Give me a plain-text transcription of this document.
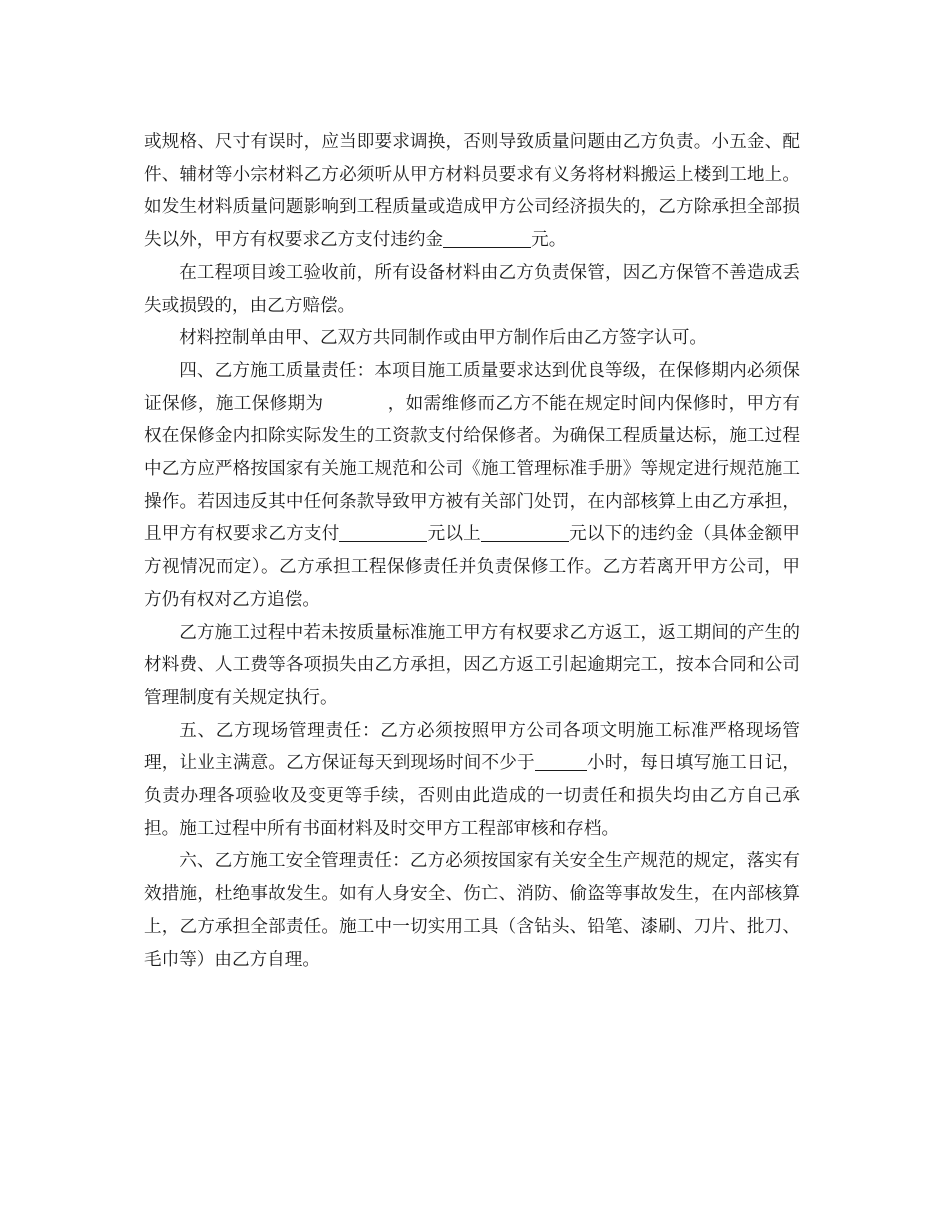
或规格、尺寸有误时，应当即要求调换，否则导致质量问题由乙方负责。小五金、配件、辅材等小宗材料乙方必须听从甲方材料员要求有义务将材料搬运上楼到工地上。如发生材料质量问题影响到工程质量或造成甲方公司经济损失的，乙方除承担全部损失以外，甲方有权要求乙方支付违约金	元。

在工程项目竣工验收前，所有设备材料由乙方负责保管，因乙方保管不善造成丢失或损毁的，由乙方赔偿。

材料控制单由甲、乙双方共同制作或由甲方制作后由乙方签字认可。

四、乙方施工质量责任：本项目施工质量要求达到优良等级，在保修期内必须保证保修，施工保修期为	，如需维修而乙方不能在规定时间内保修时，甲方有权在保修金内扣除实际发生的工资款支付给保修者。为确保工程质量达标，施工过程中乙方应严格按国家有关施工规范和公司《施工管理标准手册》等规定进行规范施工操作。若因违反其中任何条款导致甲方被有关部门处罚，在内部核算上由乙方承担，且甲方有权要求乙方支付	元以上	元以下的违约金（具体金额甲方视情况而定）。乙方承担工程保修责任并负责保修工作。乙方若离开甲方公司，甲方仍有权对乙方追偿。

乙方施工过程中若未按质量标准施工甲方有权要求乙方返工，返工期间的产生的材料费、人工费等各项损失由乙方承担，因乙方返工引起逾期完工，按本合同和公司管理制度有关规定执行。

五、乙方现场管理责任：乙方必须按照甲方公司各项文明施工标准严格现场管理，让业主满意。乙方保证每天到现场时间不少于	小时，每日填写施工日记，负责办理各项验收及变更等手续，否则由此造成的一切责任和损失均由乙方自己承担。施工过程中所有书面材料及时交甲方工程部审核和存档。

六、乙方施工安全管理责任：乙方必须按国家有关安全生产规范的规定，落实有效措施，杜绝事故发生。如有人身安全、伤亡、消防、偷盗等事故发生，在内部核算上，乙方承担全部责任。施工中一切实用工具（含钻头、铅笔、漆刷、刀片、批刀、毛巾等）由乙方自理。
